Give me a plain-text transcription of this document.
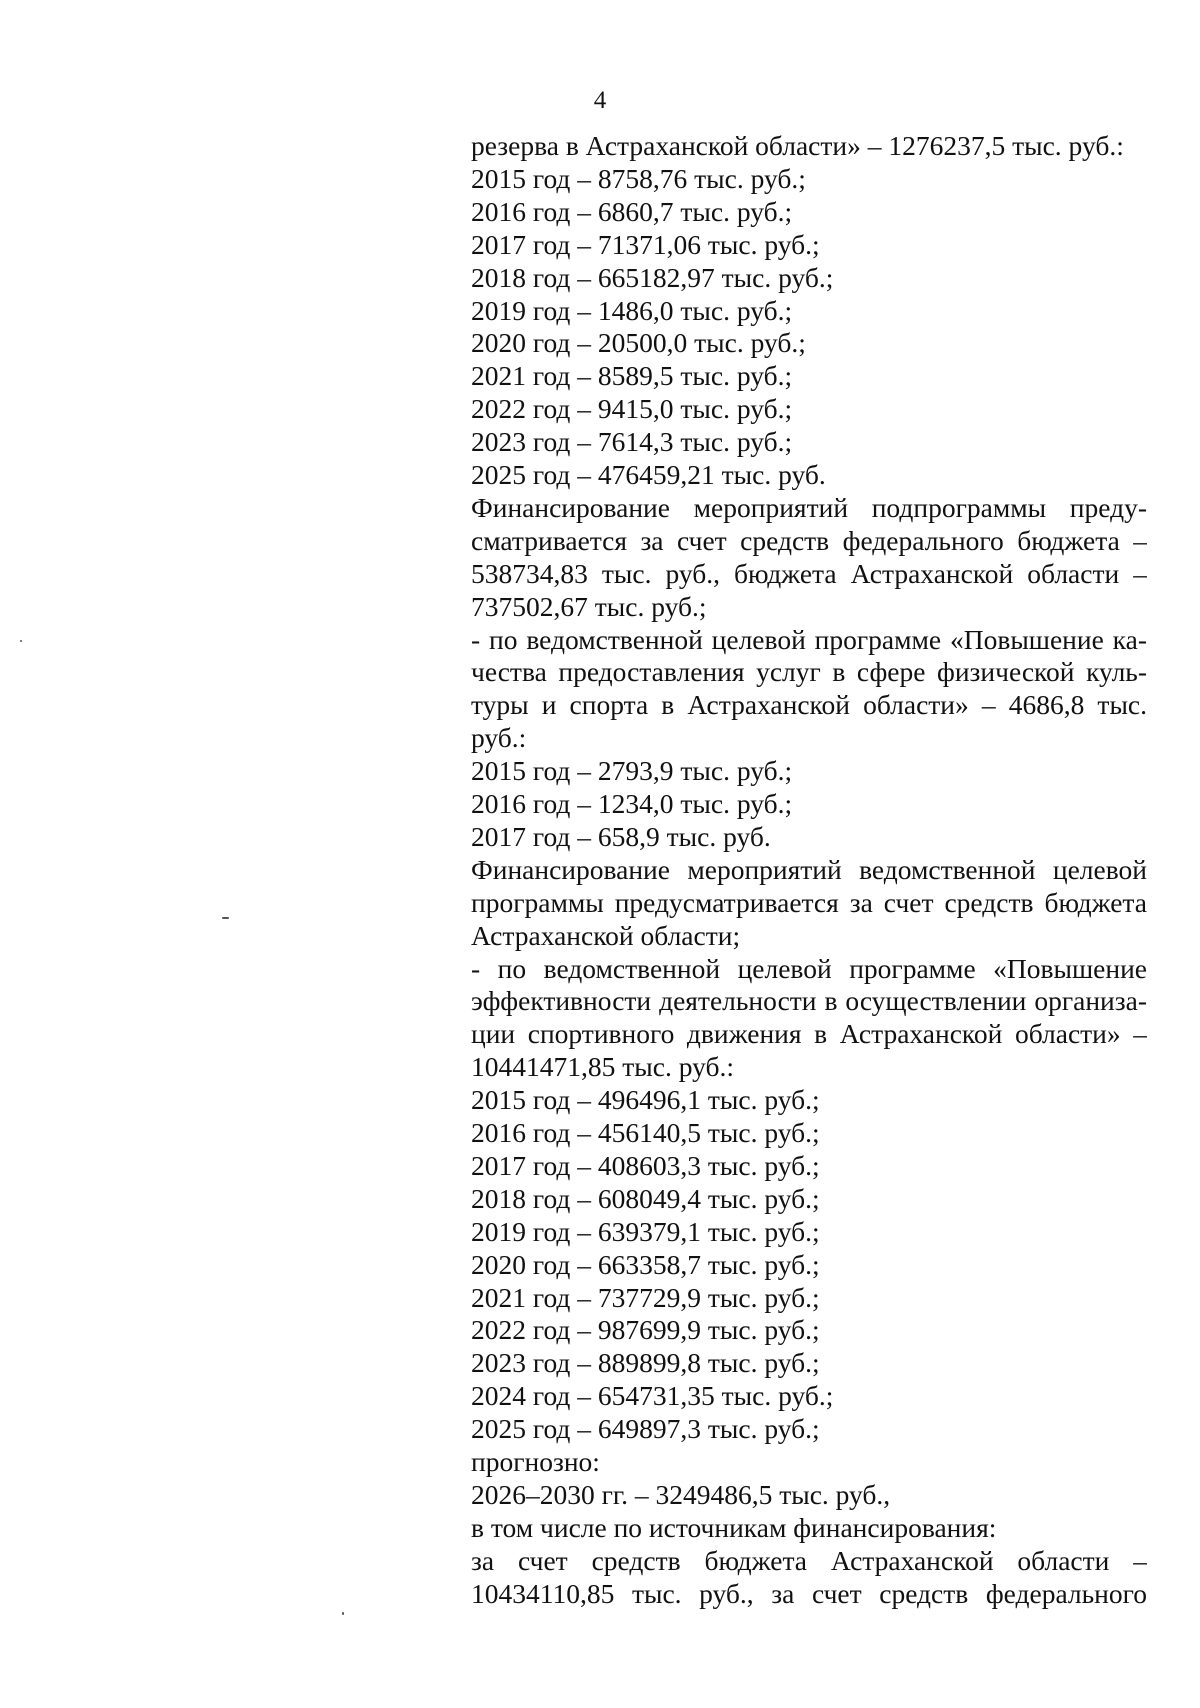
4
резерва в Астраханской области» – 1276237,5 тыс. руб.:
2015 год – 8758,76 тыс. руб.;
2016 год – 6860,7 тыс. руб.;
2017 год – 71371,06 тыс. руб.;
2018 год – 665182,97 тыс. руб.;
2019 год – 1486,0 тыс. руб.;
2020 год – 20500,0 тыс. руб.;
2021 год – 8589,5 тыс. руб.;
2022 год – 9415,0 тыс. руб.;
2023 год – 7614,3 тыс. руб.;
2025 год – 476459,21 тыс. руб.
Финансирование мероприятий подпрограммы преду-
сматривается за счет средств федерального бюджета –
538734,83 тыс. руб., бюджета Астраханской области –
737502,67 тыс. руб.;
- по ведомственной целевой программе «Повышение ка-
чества предоставления услуг в сфере физической куль-
туры и спорта в Астраханской области» – 4686,8 тыс.
руб.:
2015 год – 2793,9 тыс. руб.;
2016 год – 1234,0 тыс. руб.;
2017 год – 658,9 тыс. руб.
Финансирование мероприятий ведомственной целевой
программы предусматривается за счет средств бюджета
Астраханской области;
- по ведомственной целевой программе «Повышение
эффективности деятельности в осуществлении организа-
ции спортивного движения в Астраханской области» –
10441471,85 тыс. руб.:
2015 год – 496496,1 тыс. руб.;
2016 год – 456140,5 тыс. руб.;
2017 год – 408603,3 тыс. руб.;
2018 год – 608049,4 тыс. руб.;
2019 год – 639379,1 тыс. руб.;
2020 год – 663358,7 тыс. руб.;
2021 год – 737729,9 тыс. руб.;
2022 год – 987699,9 тыс. руб.;
2023 год – 889899,8 тыс. руб.;
2024 год – 654731,35 тыс. руб.;
2025 год – 649897,3 тыс. руб.;
прогнозно:
2026–2030 гг. – 3249486,5 тыс. руб.,
в том числе по источникам финансирования:
за счет средств бюджета Астраханской области –
10434110,85 тыс. руб., за счет средств федерального
